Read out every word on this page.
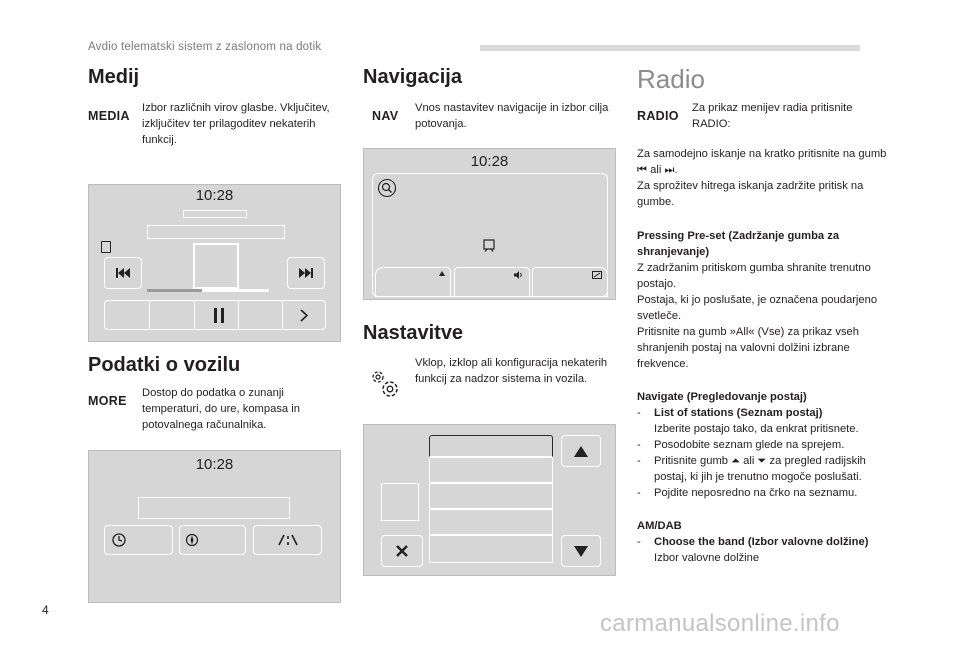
Avdio telematski sistem z zaslonom na dotik
Medij
MEDIA
Izbor različnih virov glasbe. Vključitev, izključitev ter prilagoditev nekaterih funkcij.
10:28
Podatki o vozilu
MORE
Dostop do podatka o zunanji temperaturi, do ure, kompasa in potovalnega računalnika.
10:28
Navigacija
NAV
Vnos nastavitev navigacije in izbor cilja potovanja.
10:28
Nastavitve
Vklop, izklop ali konfiguracija nekaterih funkcij za nadzor sistema in vozila.
Radio
RADIO
Za prikaz menijev radia pritisnite RADIO:
Za samodejno iskanje na kratko pritisnite na gumb ⏮ ali ⏭.
Za sprožitev hitrega iskanja zadržite pritisk na gumbe.
Pressing Pre-set (Zadržanje gumba za shranjevanje)
Z zadržanim pritiskom gumba shranite trenutno postajo.
Postaja, ki jo poslušate, je označena poudarjeno svetleče.
Pritisnite na gumb »All« (Vse) za prikaz vseh shranjenih postaj na valovni dolžini izbrane frekvence.
Navigate (Pregledovanje postaj)
- List of stations (Seznam postaj)
Izberite postajo tako, da enkrat pritisnete.
- Posodobite seznam glede na sprejem.
- Pritisnite gumb ⏶ ali ⏷ za pregled radijskih postaj, ki jih je trenutno mogoče poslušati.
- Pojdite neposredno na črko na seznamu.
AM/DAB
- Choose the band (Izbor valovne dolžine)
Izbor valovne dolžine
4	carmanualsonline.info
